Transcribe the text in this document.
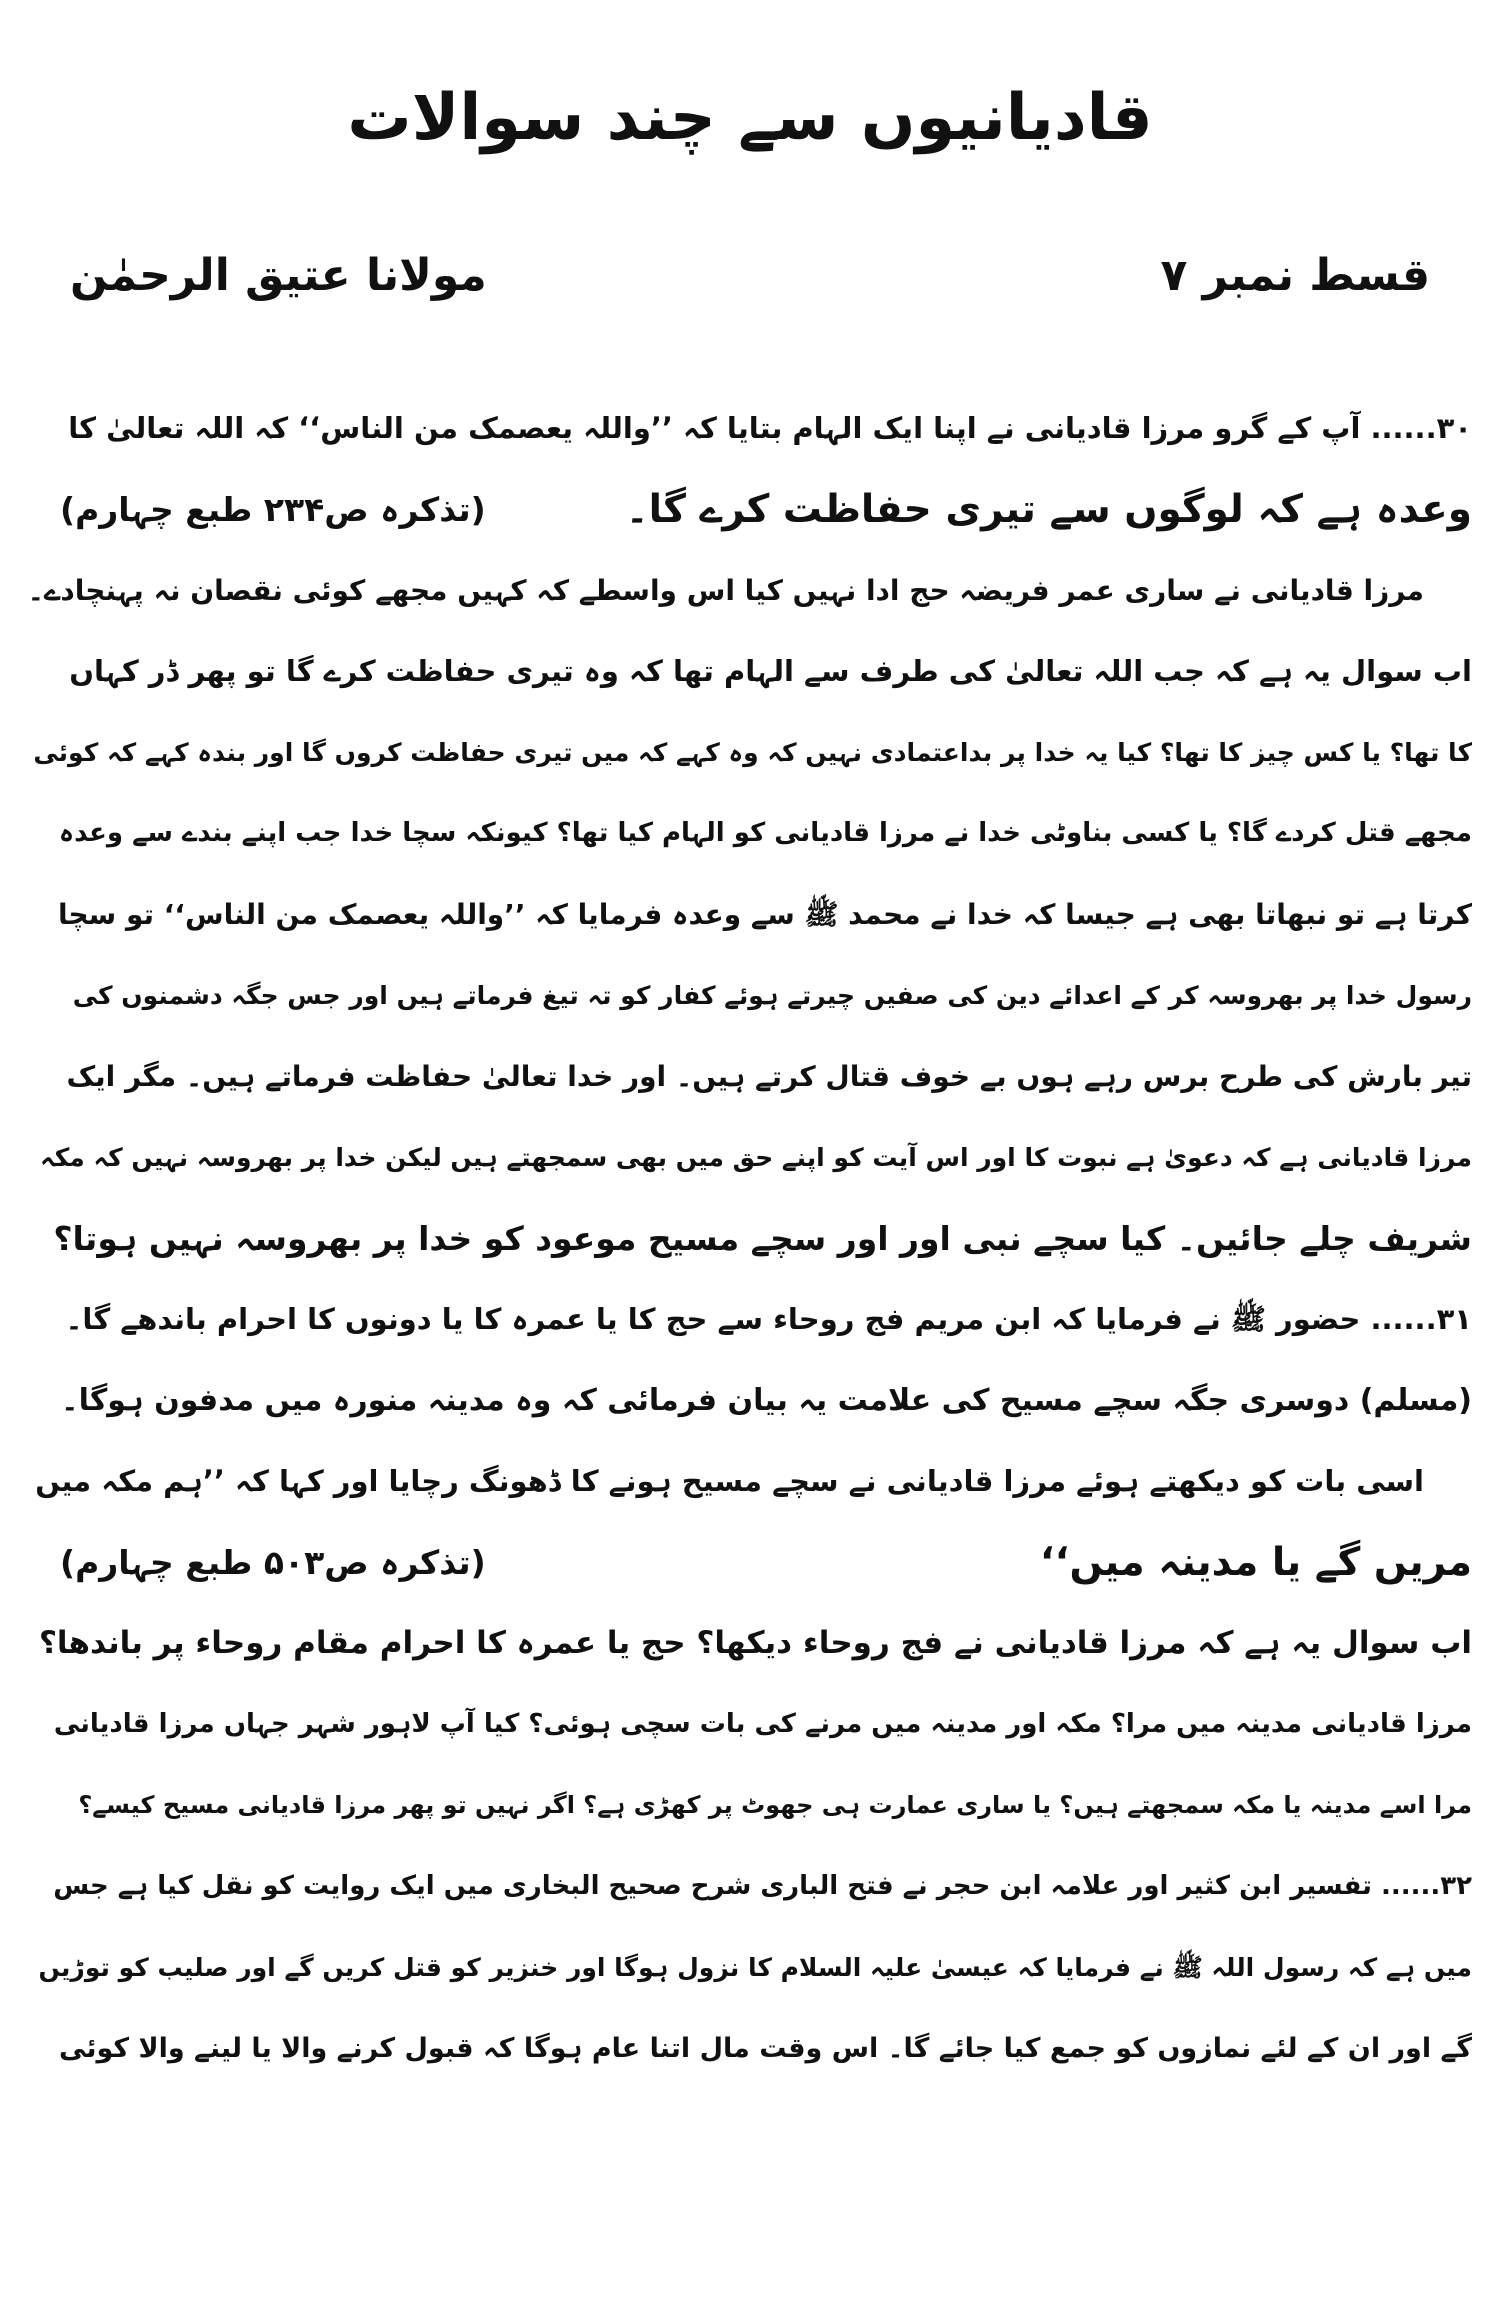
قادیانیوں سے چند سوالات
قسط نمبر ۷
مولانا عتیق الرحمٰن
۳۰...... آپ کے گرو مرزا قادیانی نے اپنا ایک الہام بتایا کہ ’’واللہ یعصمک من الناس‘‘ کہ اللہ تعالیٰ کا
وعدہ ہے کہ لوگوں سے تیری حفاظت کرے گا۔
(تذکرہ ص۲۳۴ طبع چہارم)
مرزا قادیانی نے ساری عمر فریضہ حج ادا نہیں کیا اس واسطے کہ کہیں مجھے کوئی نقصان نہ پہنچادے۔
اب سوال یہ ہے کہ جب اللہ تعالیٰ کی طرف سے الہام تھا کہ وہ تیری حفاظت کرے گا تو پھر ڈر کہاں
کا تھا؟ یا کس چیز کا تھا؟ کیا یہ خدا پر بداعتمادی نہیں کہ وہ کہے کہ میں تیری حفاظت کروں گا اور بندہ کہے کہ کوئی
مجھے قتل کردے گا؟ یا کسی بناوٹی خدا نے مرزا قادیانی کو الہام کیا تھا؟ کیونکہ سچا خدا جب اپنے بندے سے وعدہ
کرتا ہے تو نبھاتا بھی ہے جیسا کہ خدا نے محمد ﷺ سے وعدہ فرمایا کہ ’’واللہ یعصمک من الناس‘‘ تو سچا
رسول خدا پر بھروسہ کر کے اعدائے دین کی صفیں چیرتے ہوئے کفار کو تہ تیغ فرماتے ہیں اور جس جگہ دشمنوں کی
تیر بارش کی طرح برس رہے ہوں بے خوف قتال کرتے ہیں۔ اور خدا تعالیٰ حفاظت فرماتے ہیں۔ مگر ایک
مرزا قادیانی ہے کہ دعویٰ ہے نبوت کا اور اس آیت کو اپنے حق میں بھی سمجھتے ہیں لیکن خدا پر بھروسہ نہیں کہ مکہ
شریف چلے جائیں۔ کیا سچے نبی اور اور سچے مسیح موعود کو خدا پر بھروسہ نہیں ہوتا؟
۳۱...... حضور ﷺ نے فرمایا کہ ابن مریم فج روحاء سے حج کا یا عمرہ کا یا دونوں کا احرام باندھے گا۔
(مسلم) دوسری جگہ سچے مسیح کی علامت یہ بیان فرمائی کہ وہ مدینہ منورہ میں مدفون ہوگا۔
اسی بات کو دیکھتے ہوئے مرزا قادیانی نے سچے مسیح ہونے کا ڈھونگ رچایا اور کہا کہ ’’ہم مکہ میں
مریں گے یا مدینہ میں‘‘
(تذکرہ ص۵۰۳ طبع چہارم)
اب سوال یہ ہے کہ مرزا قادیانی نے فج روحاء دیکھا؟ حج یا عمرہ کا احرام مقام روحاء پر باندھا؟
مرزا قادیانی مدینہ میں مرا؟ مکہ اور مدینہ میں مرنے کی بات سچی ہوئی؟ کیا آپ لاہور شہر جہاں مرزا قادیانی
مرا اسے مدینہ یا مکہ سمجھتے ہیں؟ یا ساری عمارت ہی جھوٹ پر کھڑی ہے؟ اگر نہیں تو پھر مرزا قادیانی مسیح کیسے؟
۳۲...... تفسیر ابن کثیر اور علامہ ابن حجر نے فتح الباری شرح صحیح البخاری میں ایک روایت کو نقل کیا ہے جس
میں ہے کہ رسول اللہ ﷺ نے فرمایا کہ عیسیٰ علیہ السلام کا نزول ہوگا اور خنزیر کو قتل کریں گے اور صلیب کو توڑیں
گے اور ان کے لئے نمازوں کو جمع کیا جائے گا۔ اس وقت مال اتنا عام ہوگا کہ قبول کرنے والا یا لینے والا کوئی
